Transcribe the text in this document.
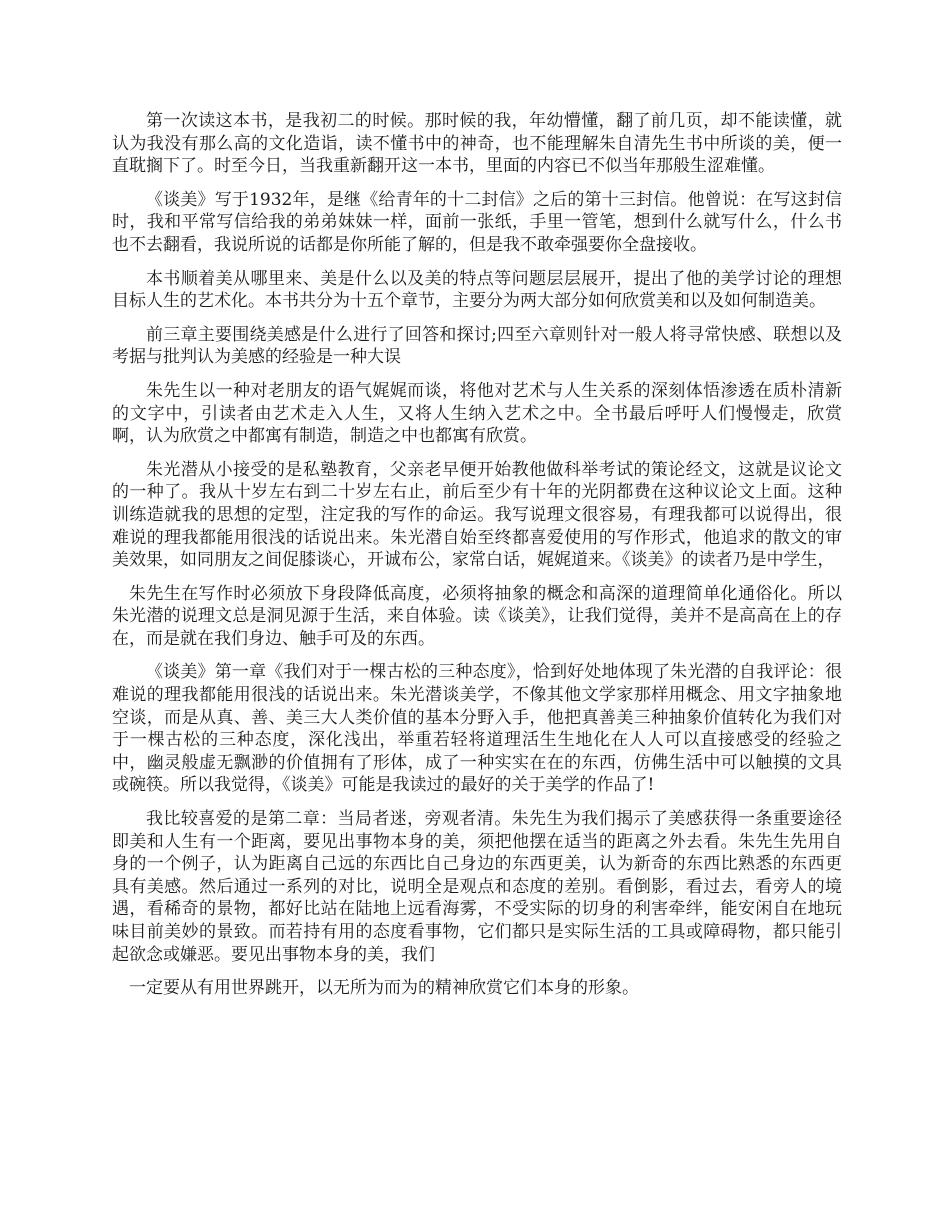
第一次读这本书，是我初二的时候。那时候的我，年幼懵懂，翻了前几页，却不能读懂，就认为我没有那么高的文化造诣，读不懂书中的神奇，也不能理解朱自清先生书中所谈的美，便一直耽搁下了。时至今日，当我重新翻开这一本书，里面的内容已不似当年那般生涩难懂。

《谈美》写于1932年，是继《给青年的十二封信》之后的第十三封信。他曾说：在写这封信时，我和平常写信给我的弟弟妹妹一样，面前一张纸，手里一管笔，想到什么就写什么，什么书也不去翻看，我说所说的话都是你所能了解的，但是我不敢牵强要你全盘接收。

本书顺着美从哪里来、美是什么以及美的特点等问题层层展开，提出了他的美学讨论的理想目标人生的艺术化。本书共分为十五个章节，主要分为两大部分如何欣赏美和以及如何制造美。

前三章主要围绕美感是什么进行了回答和探讨;四至六章则针对一般人将寻常快感、联想以及考据与批判认为美感的经验是一种大误

朱先生以一种对老朋友的语气娓娓而谈，将他对艺术与人生关系的深刻体悟渗透在质朴清新的文字中，引读者由艺术走入人生，又将人生纳入艺术之中。全书最后呼吁人们慢慢走，欣赏啊，认为欣赏之中都寓有制造，制造之中也都寓有欣赏。

朱光潜从小接受的是私塾教育，父亲老早便开始教他做科举考试的策论经文，这就是议论文的一种了。我从十岁左右到二十岁左右止，前后至少有十年的光阴都费在这种议论文上面。这种训练造就我的思想的定型，注定我的写作的命运。我写说理文很容易，有理我都可以说得出，很难说的理我都能用很浅的话说出来。朱光潜自始至终都喜爱使用的写作形式，他追求的散文的审美效果，如同朋友之间促膝谈心，开诚布公，家常白话，娓娓道来。《谈美》的读者乃是中学生，

朱先生在写作时必须放下身段降低高度，必须将抽象的概念和高深的道理简单化通俗化。所以朱光潜的说理文总是洞见源于生活，来自体验。读《谈美》，让我们觉得，美并不是高高在上的存在，而是就在我们身边、触手可及的东西。

《谈美》第一章《我们对于一棵古松的三种态度》，恰到好处地体现了朱光潜的自我评论：很难说的理我都能用很浅的话说出来。朱光潜谈美学，不像其他文学家那样用概念、用文字抽象地空谈，而是从真、善、美三大人类价值的基本分野入手，他把真善美三种抽象价值转化为我们对于一棵古松的三种态度，深化浅出，举重若轻将道理活生生地化在人人可以直接感受的经验之中，幽灵般虚无飘渺的价值拥有了形体，成了一种实实在在的东西，仿佛生活中可以触摸的文具或碗筷。所以我觉得，《谈美》可能是我读过的最好的关于美学的作品了!

我比较喜爱的是第二章：当局者迷，旁观者清。朱先生为我们揭示了美感获得一条重要途径即美和人生有一个距离，要见出事物本身的美，须把他摆在适当的距离之外去看。朱先生先用自身的一个例子，认为距离自己远的东西比自己身边的东西更美，认为新奇的东西比熟悉的东西更具有美感。然后通过一系列的对比，说明全是观点和态度的差别。看倒影，看过去，看旁人的境遇，看稀奇的景物，都好比站在陆地上远看海雾，不受实际的切身的利害牵绊，能安闲自在地玩味目前美妙的景致。而若持有用的态度看事物，它们都只是实际生活的工具或障碍物，都只能引起欲念或嫌恶。要见出事物本身的美，我们

一定要从有用世界跳开，以无所为而为的精神欣赏它们本身的形象。
